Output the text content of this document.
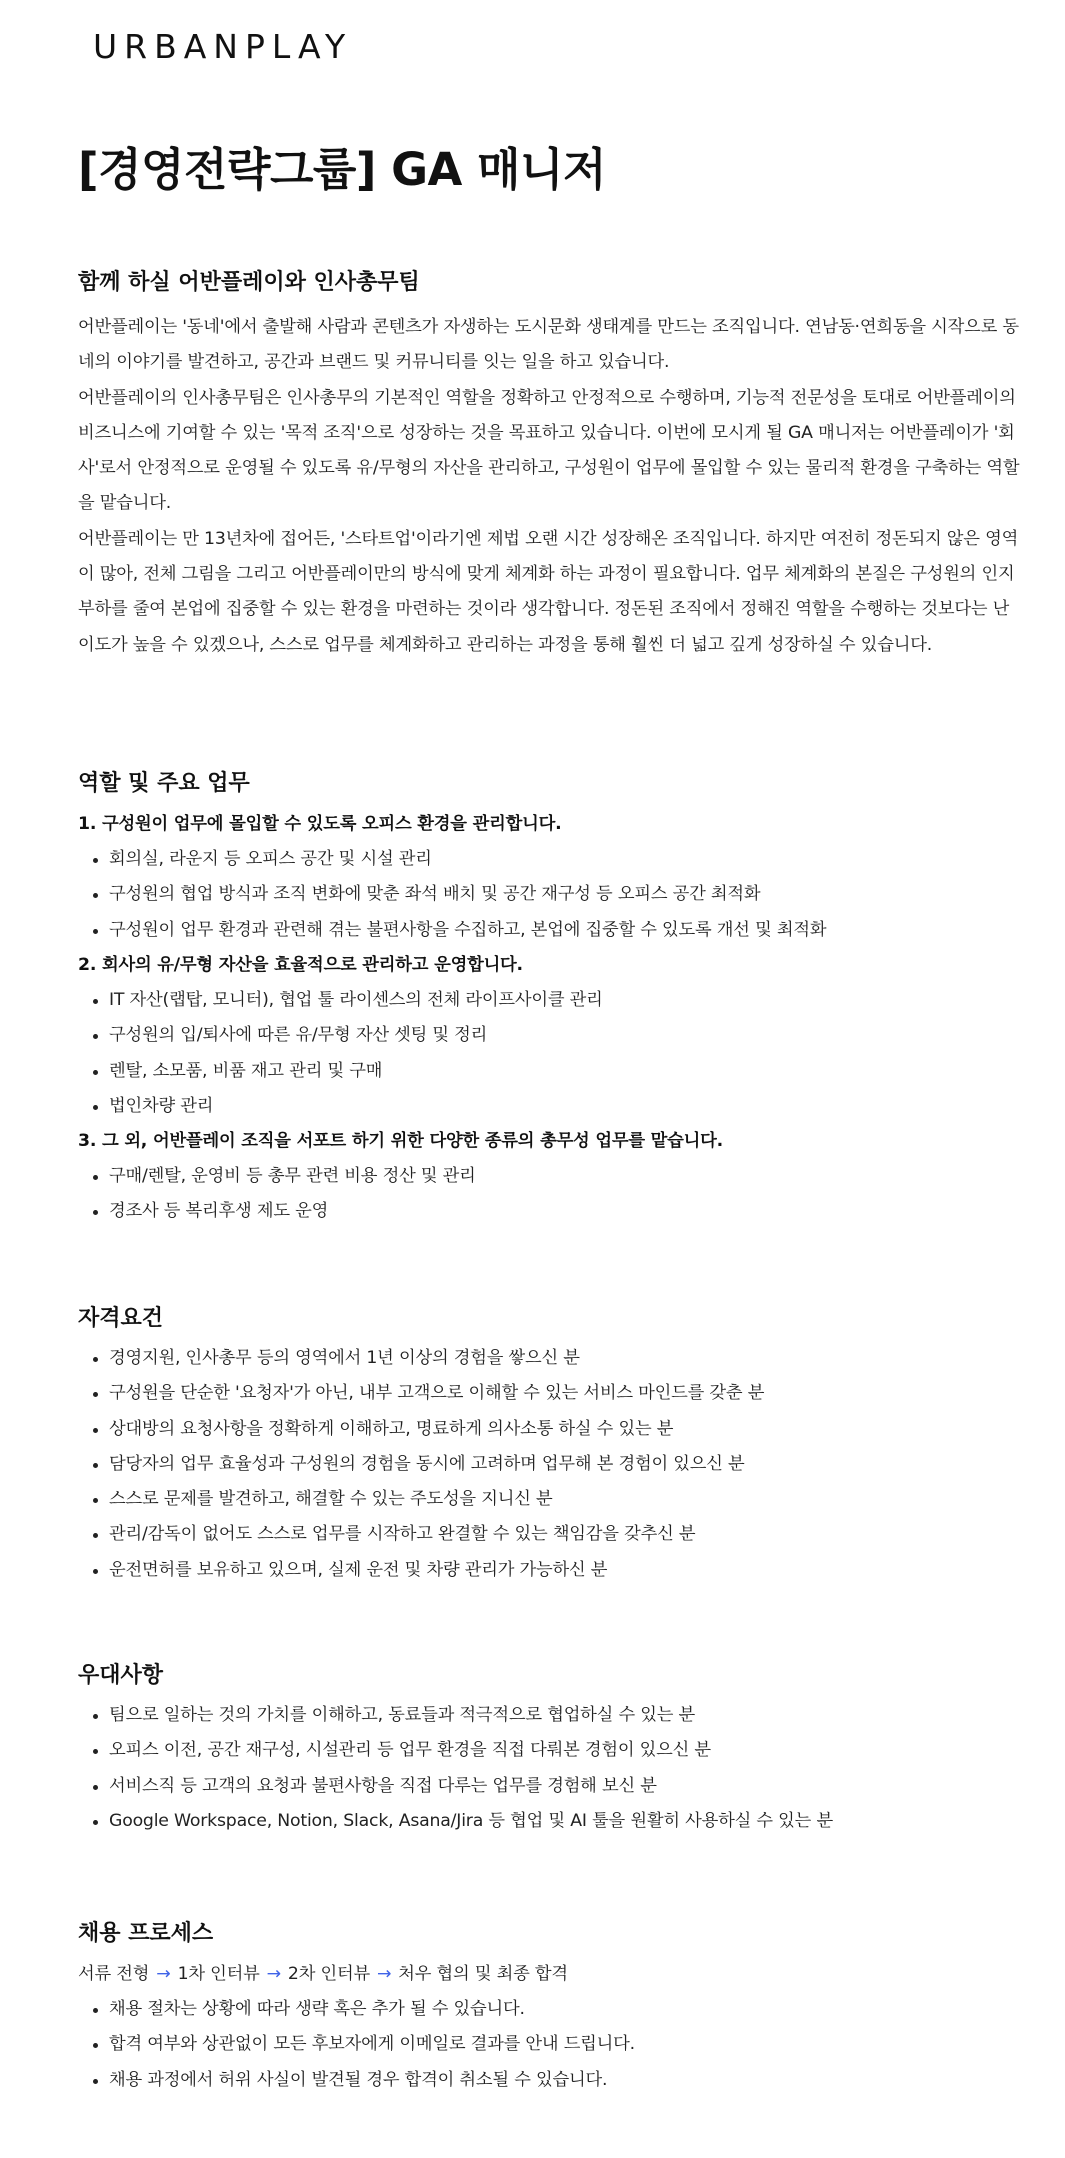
URBANPLAY
[경영전략그룹] GA 매니저
함께 하실 어반플레이와 인사총무팀

어반플레이는 '동네'에서 출발해 사람과 콘텐츠가 자생하는 도시문화 생태계를 만드는 조직입니다. 연남동·연희동을 시작으로 동네의 이야기를 발견하고, 공간과 브랜드 및 커뮤니티를 잇는 일을 하고 있습니다.

어반플레이의 인사총무팀은 인사총무의 기본적인 역할을 정확하고 안정적으로 수행하며, 기능적 전문성을 토대로 어반플레이의 비즈니스에 기여할 수 있는 '목적 조직'으로 성장하는 것을 목표하고 있습니다. 이번에 모시게 될 GA 매니저는 어반플레이가 '회사'로서 안정적으로 운영될 수 있도록 유/무형의 자산을 관리하고, 구성원이 업무에 몰입할 수 있는 물리적 환경을 구축하는 역할을 맡습니다.

어반플레이는 만 13년차에 접어든, '스타트업'이라기엔 제법 오랜 시간 성장해온 조직입니다. 하지만 여전히 정돈되지 않은 영역이 많아, 전체 그림을 그리고 어반플레이만의 방식에 맞게 체계화 하는 과정이 필요합니다. 업무 체계화의 본질은 구성원의 인지부하를 줄여 본업에 집중할 수 있는 환경을 마련하는 것이라 생각합니다. 정돈된 조직에서 정해진 역할을 수행하는 것보다는 난이도가 높을 수 있겠으나, 스스로 업무를 체계화하고 관리하는 과정을 통해 훨씬 더 넓고 깊게 성장하실 수 있습니다.

역할 및 주요 업무
1. 구성원이 업무에 몰입할 수 있도록 오피스 환경을 관리합니다.
회의실, 라운지 등 오피스 공간 및 시설 관리
구성원의 협업 방식과 조직 변화에 맞춘 좌석 배치 및 공간 재구성 등 오피스 공간 최적화
구성원이 업무 환경과 관련해 겪는 불편사항을 수집하고, 본업에 집중할 수 있도록 개선 및 최적화
2. 회사의 유/무형 자산을 효율적으로 관리하고 운영합니다.
IT 자산(랩탑, 모니터), 협업 툴 라이센스의 전체 라이프사이클 관리
구성원의 입/퇴사에 따른 유/무형 자산 셋팅 및 정리
렌탈, 소모품, 비품 재고 관리 및 구매
법인차량 관리
3. 그 외, 어반플레이 조직을 서포트 하기 위한 다양한 종류의 총무성 업무를 맡습니다.
구매/렌탈, 운영비 등 총무 관련 비용 정산 및 관리
경조사 등 복리후생 제도 운영
자격요건
경영지원, 인사총무 등의 영역에서 1년 이상의 경험을 쌓으신 분
구성원을 단순한 '요청자'가 아닌, 내부 고객으로 이해할 수 있는 서비스 마인드를 갖춘 분
상대방의 요청사항을 정확하게 이해하고, 명료하게 의사소통 하실 수 있는 분
담당자의 업무 효율성과 구성원의 경험을 동시에 고려하며 업무해 본 경험이 있으신 분
스스로 문제를 발견하고, 해결할 수 있는 주도성을 지니신 분
관리/감독이 없어도 스스로 업무를 시작하고 완결할 수 있는 책임감을 갖추신 분
운전면허를 보유하고 있으며, 실제 운전 및 차량 관리가 가능하신 분
우대사항
팀으로 일하는 것의 가치를 이해하고, 동료들과 적극적으로 협업하실 수 있는 분
오피스 이전, 공간 재구성, 시설관리 등 업무 환경을 직접 다뤄본 경험이 있으신 분
서비스직 등 고객의 요청과 불편사항을 직접 다루는 업무를 경험해 보신 분
Google Workspace, Notion, Slack, Asana/Jira 등 협업 및 AI 툴을 원활히 사용하실 수 있는 분
채용 프로세스
서류 전형 → 1차 인터뷰 → 2차 인터뷰 → 처우 협의 및 최종 합격
채용 절차는 상황에 따라 생략 혹은 추가 될 수 있습니다.
합격 여부와 상관없이 모든 후보자에게 이메일로 결과를 안내 드립니다.
채용 과정에서 허위 사실이 발견될 경우 합격이 취소될 수 있습니다.
